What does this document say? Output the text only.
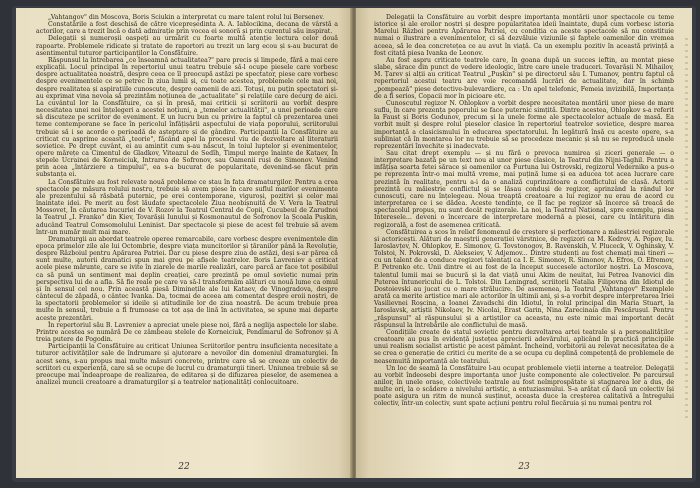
„Vahtangov" din Moscova, Boris Sciukin a interpretat cu mare talent rolul lui Bersenev.

Constatările a fost deschisă de către vicepreședinta A. A. Iablocikina, decana de vârstă a actorilor, care a trezit încă o dată admirație prin vocea ei sonoră și prin curentul său inspirat.

Delegații și numeroșii oaspeți au urmărit cu foarte multă atenție lectura celor două rapoarte. Problemele ridicate și tratate de raportori au trezit un larg ecou și s-au bucurat de asentimentul tuturor participanților la Consfătuire.

Răspunsul la întrebarea „ce înseamnă actualitatea?" pare precis și limpede, fără a mai cere explicații. Locul principal în repertoriul unui teatru trebuie să-l ocupe piesele care vorbesc despre actualitatea noastră, despre ceea ce îl preocupă astăzi pe spectator, piese care vorbesc despre evenimentele ce se petrec în ziua lumii și, cu toate acestea, problemele cele mai noi, despre realitatea și aspirațiile cunoscute, despre oamenii de azi. Totuși, nu puțin spectatori și-au exprimat vina nevoia să prezintăm noțiunea de „actualitate" și relațiile care decurg de aici. La cuvântul lor la Consfătuire, ca și în presă, mai criticii și scriitorii au vorbit despre necesitatea unei noi înțelegeri a acestei noțiuni, a „temelor actualității", a unei perioade care să discuteze pe scriitor de eveniment. E un lucru bun cu privire la faptul că prezentarea unei teme contemporane se face în pericolul înfățișării aspectului de viața poporului, scriitorului trebuie să i se acorde o perioadă de așteptare și de gândire. Participanții la Consfătuire au criticat cu asprime această „teorie", făcând apel la procesul viu de dezvoltare al literaturii sovietice. Pe drept cuvânt, ei au amintit cum s-au născut, în toiul luptelor și evenimentelor, opere mărețe ca Cimentul de Gladkov, Viteazul de Sedîh, Timpul merge înainte de Kataev, În stepele Ucrainei de Korneiciuk, Intrarea de Sofronov, sau Oamenii ruși de Simonov. Venind prin acea „întârziere a timpului", ea s-a bucurat de popularitate, devenind-se făcut prin substanța ei.

La Consfătuire au fost relevate nouă probleme ce stau în fața dramaturgilor. Pentru a crea spectacole pe măsura rolului nostru, trebuie să avem piese în care suflul marilor evenimente ale prezentului să răsbată puternic, pe erei contemporane, viguroși, pozitivi și celor mai înaintate idei. Pe merit au fost lăudate spectacolele Ziua neobișnuită de V. Vera la Teatrul Mossovet, În căutarea bucuriei de V. Rozov la Teatrul Central de Copii, Cucubeul de Zarudnoi la Teatrul „I. Franko" din Kiev, Tovarășii Iunului și Kosmonautul de Sofronov la Școala Pușkin, aducând Teatrul Comsomolului Leninist. Dar spectacole și piese de acest fel trebuie să avem într-un număr mult mai mare.

Dramaturgii au abordat teatrele operee remarcabile, care vorbesc despre evenimentele din epoca primelor zile ale lui Octombrie, despre viața muncitorilor și țăranilor până la Revoluție, despre Războiul pentru Apărarea Patriei. Dar cu piese despre ziua de astăzi, deși s-ar părea că sunt multe, autorii dramatici spun mai greu pe afișele teatrelor. Boris Lavreniev a criticat acele piese mărunte, care se ivite în ziarele de marile realizări, care parcă ar face tot posibilul ca să pună un sentiment mai deplin creației, care prezintă pe omul sovietic numai prin perspectiva lui de a afla. Să fie reale pe care va să-l transformăm alături cu nouă lume ca omul și în sensul cel nou. Prin această piesă Diminețile ale lui Kataev, de Vinogradova, despre cântecul de zăpadă, o cântec Ivanka. Da, tocmai de aceea am comentat despre eroii noștri, de la spectatorii problemelor și ideile și atitudinile lor de ziua noastră. De acum trebuie prea multe în sensul, trebuie a fi frumoase ca tot așa de lină în activitatea, se spune mai departe aceste prezentări.

În repertoriul său B. Lavreniev a apreciat unele piese noi, fără a neglija aspectele lor slabe. Printre acestea se numără De ce zâmbeau stelele de Korneiciuk, Pendimarul de Sofronov și A treia putere de Pogodin.

Participanții la Consfătuire au criticat Uniunea Scriitorilor pentru insuficienta necesitate a tuturor activităților sale de îndrumare și ajutorare a nevoilor din domeniul dramaturgiei. În acest sens, s-au propus mai multe măsuri concrete, printre care să se creeze un colectiv de scriitori cu experiență, care să se ocupe de lucrul cu dramaturgii tineri. Uniunea trebuie să se preocupe mai îndeaproape de realizarea, de editarea și de difuzarea pieselor, de asemenea a analizei muncii creatoare a dramaturgilor și a teatrelor naționalități conlocuitoare.

22

Delegații la Consfătuire au vorbit despre importanța montării unor spectacole cu teme istorice și ale eroilor noștri și despre popularitatea ideii înaintate, după cum vorbesc istoria Marelui Război pentru Apărarea Patriei, cu condiția ca aceste spectacole să nu constituie numai o ilustrare a evenimentelor, ci să dezvăluie viziunile și faptele oamenilor din vremea aceea, să le dea concretețea ce au avut în viață. Ca un exemplu pozitiv în această privință a fost citată piesa Ivanka de Leonov.

Au fost aspru criticate teatrele care, în goana după un succes ieftin, au montat piese slabe, sărace din punct de vedere ideologic, între care unele traduceri. Tovarășii N. Mihailov, M. Țarev și alții au criticat Teatrul „Pușkin" și pe directorul său I. Tumanov, pentru faptul că repertoriul acestui teatru are voie recomandă lucrări de actualitate, dar în schimb „pompează" piese detective-bulevardiere, ca : Un apel telefonic, Femeia invizibilă, Importanța de a fi serios, Copacii mor în picioare etc.

Cunoscutul regizor N. Ohlopkov a vorbit despre necesitatea montării unor piese de mare suflu, în care prezența poporului se face puternic simțită. Dintre acestea, Ohlopkov s-a referit la Faust și Boris Godunov, precum și la unele forme ale spectacolelor actuale de masă. Ea vorbit mult și despre rolul pieselor clasice în repertoriul teatrelor sovietice, despre marea importanță a clasicismului în educarea spectatorului. În legătură însă cu aceste opere, s-a subliniat că în montarea lor nu trebuie să se procedeze mecanic și să nu se reproducă unele reprezentări învechite și inadecvate.

Sau citat drept exemplu — și nu fără o prevoca numirea și ziceri generale — o interpretare bazată pe un text nou al unor piese clasice, la Teatrul din Nijni-Taghil. Pentru a infățișa soarta fetei sărace și oamenilor ca Furtuna lui Ostrovski, regizorul Vederniko a pus-o pe reprezenta într-o mai multă vreme, mai puțină lume și ea aducea tot acea lucrare care prezintă în realitate, pentru a-i da o analiză cuprinzătoare a conflictului de clasă. Actorii prezintă cu măiestrie conflictul și se lăsau conduși de regizor, aprinzând la rândul lor cunoscuți, care nu înțelegeau. Noua treaptă creatoare a lui regizor nu erau de acord cu interpretarea ce i se dădea. Aceste tendințe, ce îl fac pe regizor să încerce să treacă de spectacolul propus, nu sunt decât regizorale. La noi, la Teatrul Național, spre exemplu, piesa Interesele... deveni o încercare de interpretare modernă a piesei, care cu întăritura din regizorală, a fost de asemenea criticată.

Consfătuirea a scos în relief fenomenul de creștere și perfecționare a măiestriei regizorale și actoricești. Alături de maeștrii generației vârstnice, de regizori ca M. Kedrov, A. Popov, Iu. Iaroslavțev, N. Ohlopkov, E. Simonov, G. Tovstonogov, B. Ravenskih, V. Pluceck, V. Oghinsky, V. Tolstoi, N. Pokrovski, D. Alekseiev, V. Adjemov... Dintre studenți au fost chemați mai tineri — cu un talent de a conduce regizori talentați ca I. E. Simonov, R. Simonov, A. Efros, O. Efremov, P. Petrenko etc. Unii dintre ei au fost de la început succesele actorilor noștri. La Moscova, talentul lumii mai se bucură și la dat viață unui Akim de neuitat, lui Petrea Ivanovici din Puterea întunericului de L. Tolstoi. Din Leningrad, scriitorii Natalia Filipovna din Idiotul de Dostoievski au jucat cu o mare strălucire. De asemenea, la Teatrul „Vahtangov" Exemplele arată ca merite artistice mari ale actorilor în ultimii ani, și s-a vorbit despre interpretarea Iriei Vasilievnei Roșcina, a Ioanei Zavadschi din Idiotul, în rolul principal din Maria Stuart, la Iaroslavsk, artiștii Nikolaev, Iv. Nicolai, Erast Garin, Nina Zarecinaia din Pescărușul. Pentru „răspunsul" al răspunsului și a artiștilor ca aceasta, nu este nimic mai important decât răspunsul la întrebările ale conflictului de masă.

Condițiile create de statul sovietic pentru dezvoltarea artei teatrale și a personalităților creatoare au pus în evidență justețea aprecierii adevărului, aplicând în practică principiile unui realism socialist artistic pe acest pământ. Încheind, vorbitorii au relevat necesitatea de a se crea o generație de critici cu merite de a se ocupa cu deplină competență de problemele de neasemuită importanță ale teatrului.

Un loc de seamă la Consfătuire l-au ocupat problemele vieții interne a teatrelor. Delegații au vorbit îndeosebi despre importanța unor juste componente ale colectivelor. Pe parcursul anilor, în unele orașe, colectivele teatrale au fost neîmprospătate și stagnarea lor a dus, de multe ori, la o scădere a nivelului artistic, a entuziasmului. S-a arătat că dacă un colectiv își poate asigura un ritm de muncă susținut, aceasta duce la creșterea calitativă a întregului colectiv, într-un colectiv, sunt spate acțiuni pentru rolul fiecăruia și nu numai pentru rol

23
